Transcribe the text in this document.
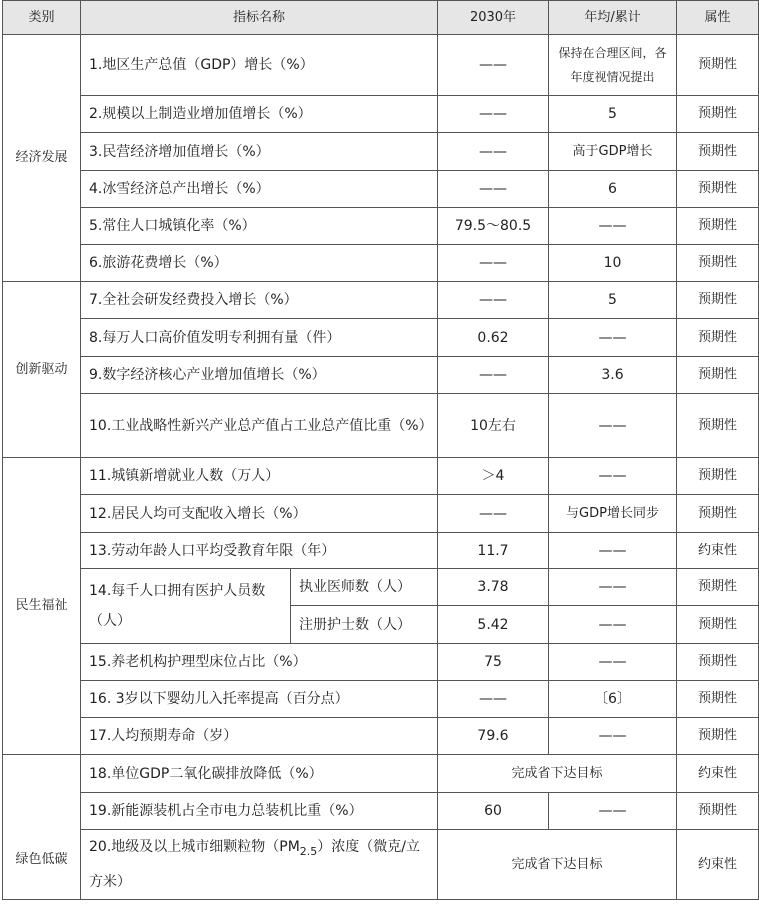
类别	指标名称		2030年	年均/累计	属性
经济发展	1.地区生产总值（GDP）增长（%）		——	保持在合理区间，各年度视情况提出	预期性
	2.规模以上制造业增加值增长（%）		——	5	预期性
	3.民营经济增加值增长（%）		——	高于GDP增长	预期性
	4.冰雪经济总产出增长（%）		——	6	预期性
	5.常住人口城镇化率（%）		79.5～80.5	——	预期性
	6.旅游花费增长（%）		——	10	预期性
创新驱动	7.全社会研发经费投入增长（%）		——	5	预期性
	8.每万人口高价值发明专利拥有量（件）		0.62	——	预期性
	9.数字经济核心产业增加值增长（%）		——	3.6	预期性
	10.工业战略性新兴产业总产值占工业总产值比重（%）		10左右	——	预期性
民生福祉	11.城镇新增就业人数（万人）		＞4	——	预期性
	12.居民人均可支配收入增长（%）		——	与GDP增长同步	预期性
	13.劳动年龄人口平均受教育年限（年）		11.7	——	约束性
	14.每千人口拥有医护人员数（人）	执业医师数（人）	3.78	——	预期性
		注册护士数（人）	5.42	——	预期性
	15.养老机构护理型床位占比（%）		75	——	预期性
	16. 3岁以下婴幼儿入托率提高（百分点）		——	〔6〕	预期性
	17.人均预期寿命（岁）		79.6	——	预期性
绿色低碳	18.单位GDP二氧化碳排放降低（%）		完成省下达目标		约束性
	19.新能源装机占全市电力总装机比重（%）		60	——	预期性
	20.地级及以上城市细颗粒物$(PM_{2.5})$浓度（微克/立方米）		完成省下达目标		约束性
